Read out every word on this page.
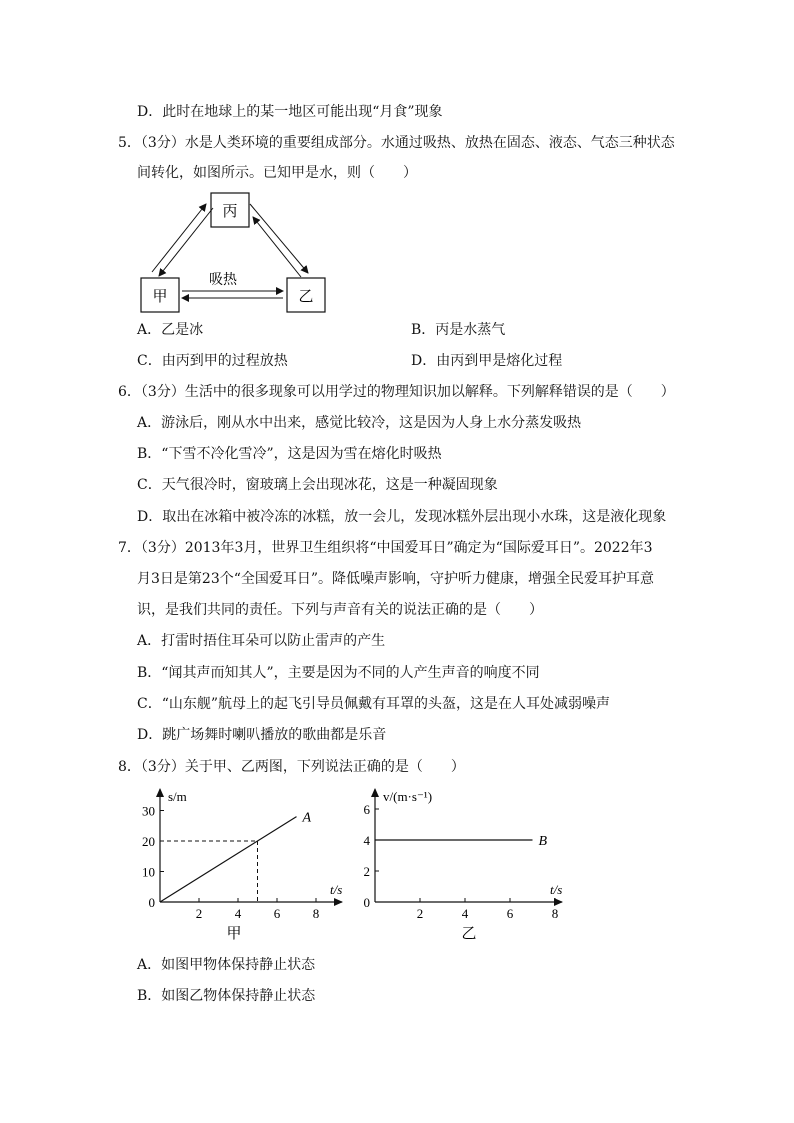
D．此时在地球上的某一地区可能出现“月食”现象
5．（3分）水是人类环境的重要组成部分。水通过吸热、放热在固态、液态、气态三种状态
间转化，如图所示。已知甲是水，则（　　）
丙
甲	乙
吸热
A．乙是冰	B．丙是水蒸气
C．由丙到甲的过程放热	D．由丙到甲是熔化过程
6．（3分）生活中的很多现象可以用学过的物理知识加以解释。下列解释错误的是（　　）
A．游泳后，刚从水中出来，感觉比较冷，这是因为人身上水分蒸发吸热
B．“下雪不冷化雪冷”，这是因为雪在熔化时吸热
C．天气很冷时，窗玻璃上会出现冰花，这是一种凝固现象
D．取出在冰箱中被冷冻的冰糕，放一会儿，发现冰糕外层出现小水珠，这是液化现象
7．（3分）2013年3月，世界卫生组织将“中国爱耳日”确定为“国际爱耳日”。2022年3
月3日是第23个“全国爱耳日”。降低噪声影响，守护听力健康，增强全民爱耳护耳意
识，是我们共同的责任。下列与声音有关的说法正确的是（　　）
A．打雷时捂住耳朵可以防止雷声的产生
B．“闻其声而知其人”，主要是因为不同的人产生声音的响度不同
C．“山东舰”航母上的起飞引导员佩戴有耳罩的头盔，这是在人耳处减弱噪声
D．跳广场舞时喇叭播放的歌曲都是乐音
8．（3分）关于甲、乙两图，下列说法正确的是（　　）
t/s
s/m
0
2	4	6	8
10
20
30	A
甲
t/s
v/(m·s⁻¹)
0
2	4	6	8
2
4
6
B
乙
A．如图甲物体保持静止状态
B．如图乙物体保持静止状态
